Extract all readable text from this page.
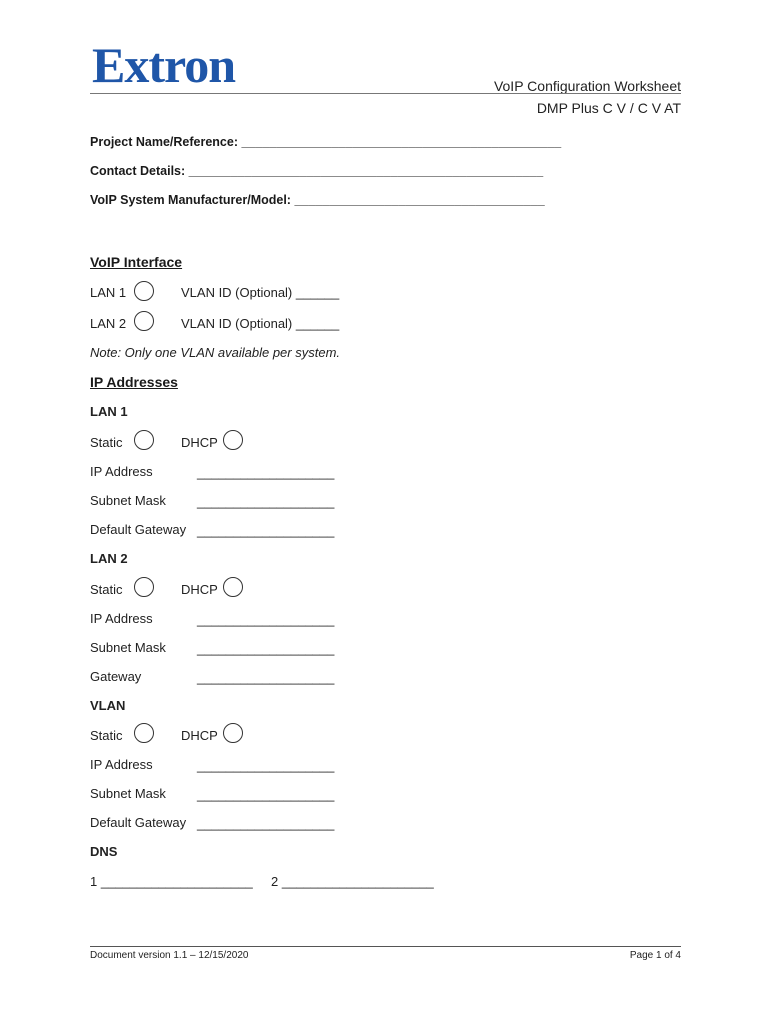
Extron	VoIP Configuration Worksheet
DMP Plus C V / C V AT
Project Name/Reference: ______________________________________________
Contact Details: ___________________________________________________
VoIP System Manufacturer/Model: ____________________________________
VoIP Interface
LAN 1	VLAN ID (Optional) ______
LAN 2	VLAN ID (Optional) ______
Note: Only one VLAN available per system.
IP Addresses
LAN 1
Static	DHCP
IP Address	___________________
Subnet Mask ___________________
Default Gateway ___________________
LAN 2
Static	DHCP
IP Address	___________________
Subnet Mask ___________________
Gateway	___________________
VLAN
Static	DHCP
IP Address	___________________
Subnet Mask ___________________
Default Gateway ___________________
DNS
1 _____________________ 2 _____________________
Document version 1.1 – 12/15/2020	Page 1 of 4
